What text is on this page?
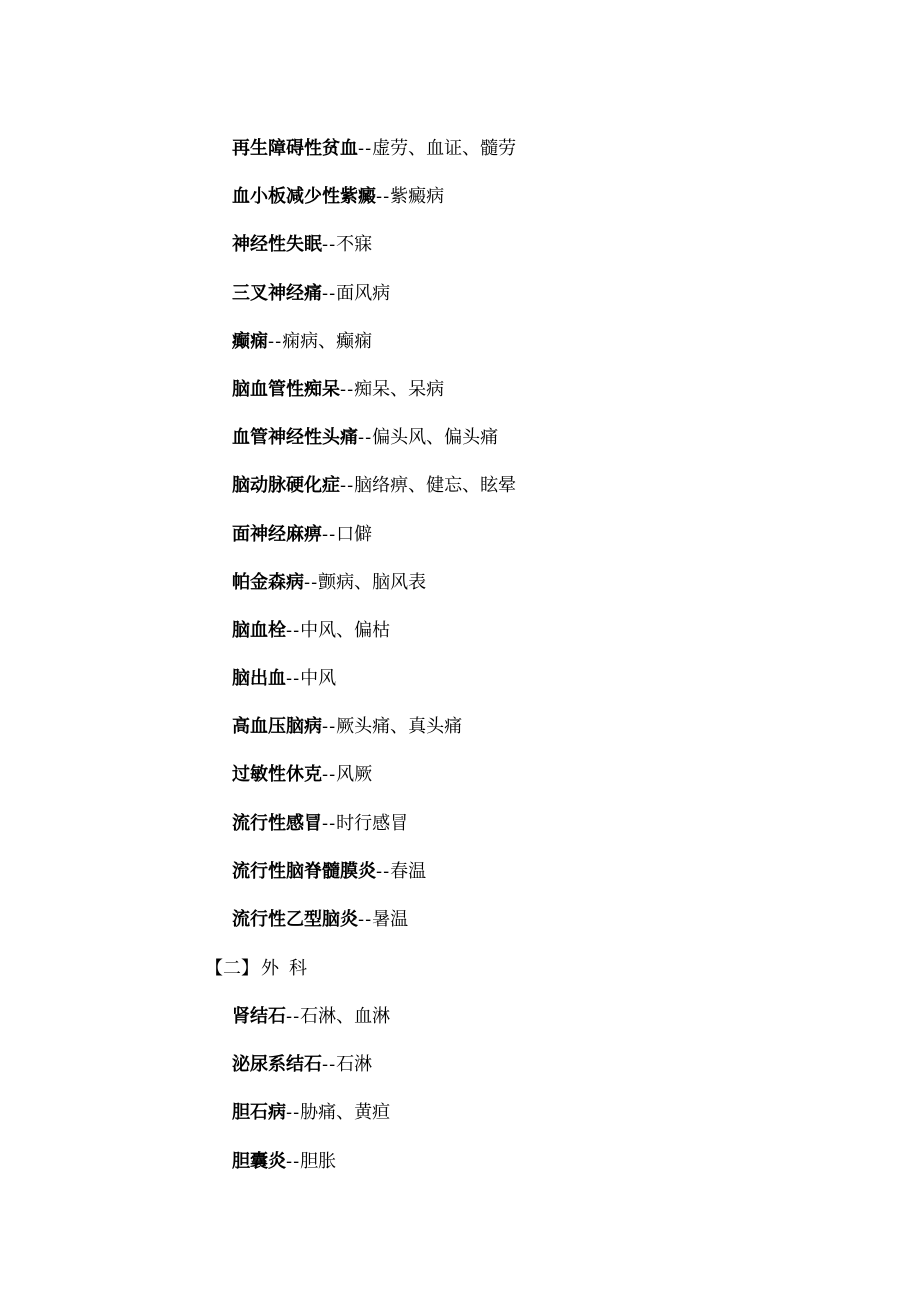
再生障碍性贫血--虚劳、血证、髓劳
血小板减少性紫癜--紫癜病
神经性失眠--不寐
三叉神经痛--面风病
癫痫--痫病、癫痫
脑血管性痴呆--痴呆、呆病
血管神经性头痛--偏头风、偏头痛
脑动脉硬化症--脑络痹、健忘、眩晕
面神经麻痹--口僻
帕金森病--颤病、脑风表
脑血栓--中风、偏枯
脑出血--中风
高血压脑病--厥头痛、真头痛
过敏性休克--风厥
流行性感冒--时行感冒
流行性脑脊髓膜炎--春温
流行性乙型脑炎--暑温
【二】 外科
肾结石--石淋、血淋
泌尿系结石--石淋
胆石病--胁痛、黄疸
胆囊炎--胆胀
